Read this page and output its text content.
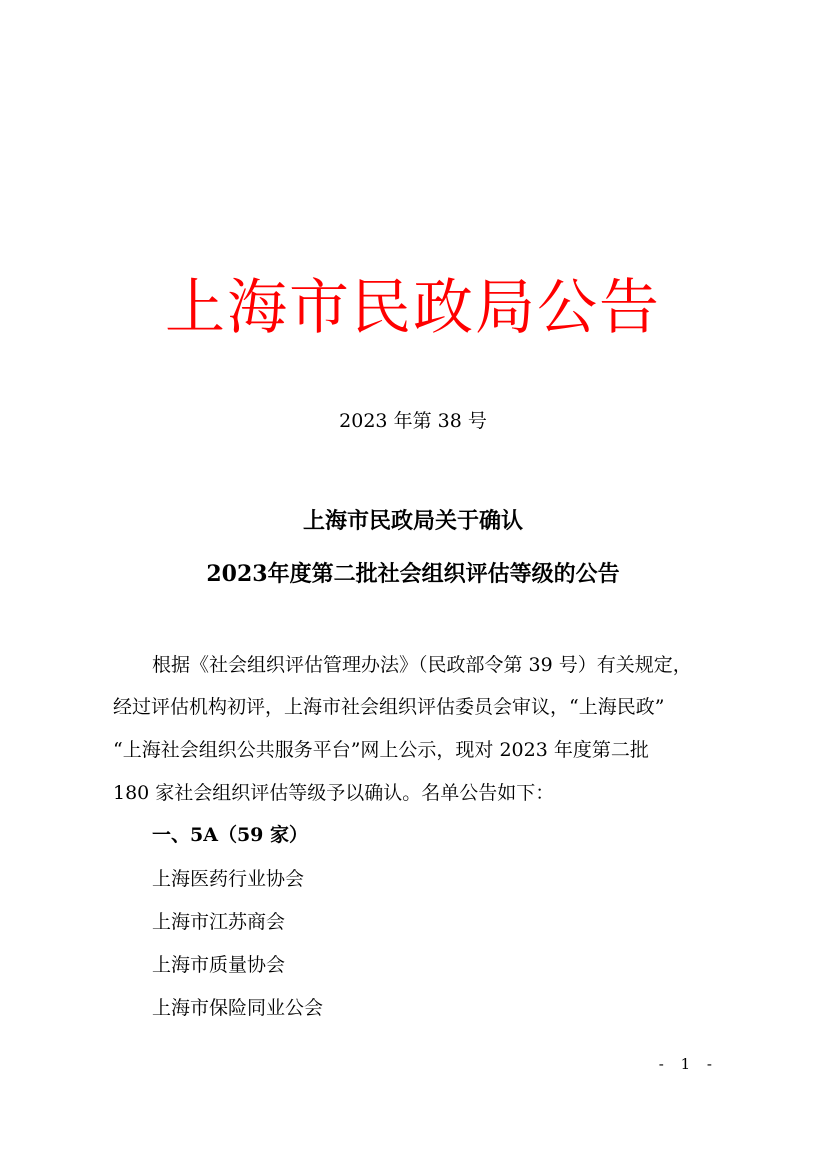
上海市民政局公告
2023 年第 38 号
上海市民政局关于确认
2023年度第二批社会组织评估等级的公告
根据《社会组织评估管理办法》（民政部令第 39 号）有关规定，
经过评估机构初评，上海市社会组织评估委员会审议，“上海民政”
“上海社会组织公共服务平台”网上公示，现对 2023 年度第二批
180 家社会组织评估等级予以确认。名单公告如下：
一、5A（59 家）
上海医药行业协会
上海市江苏商会
上海市质量协会
上海市保险同业公会
- 1 -
